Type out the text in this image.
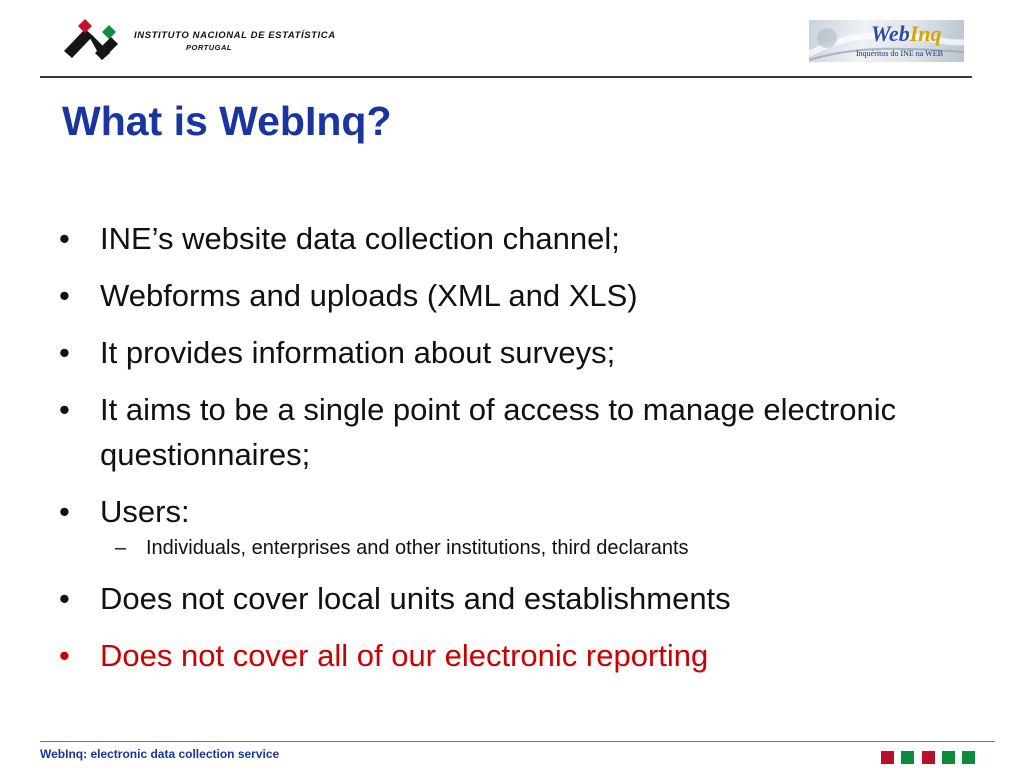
INSTITUTO NACIONAL DE ESTATÍSTICA
PORTUGAL
WebInq
Inquéritos do INE na WEB
What is WebInq?
• INE’s website data collection channel;
• Webforms and uploads (XML and XLS)
• It provides information about surveys;
• It aims to be a single point of access to manage electronic questionnaires;
• Users:
– Individuals, enterprises and other institutions, third declarants
• Does not cover local units and establishments
• Does not cover all of our electronic reporting
WebInq: electronic data collection service
